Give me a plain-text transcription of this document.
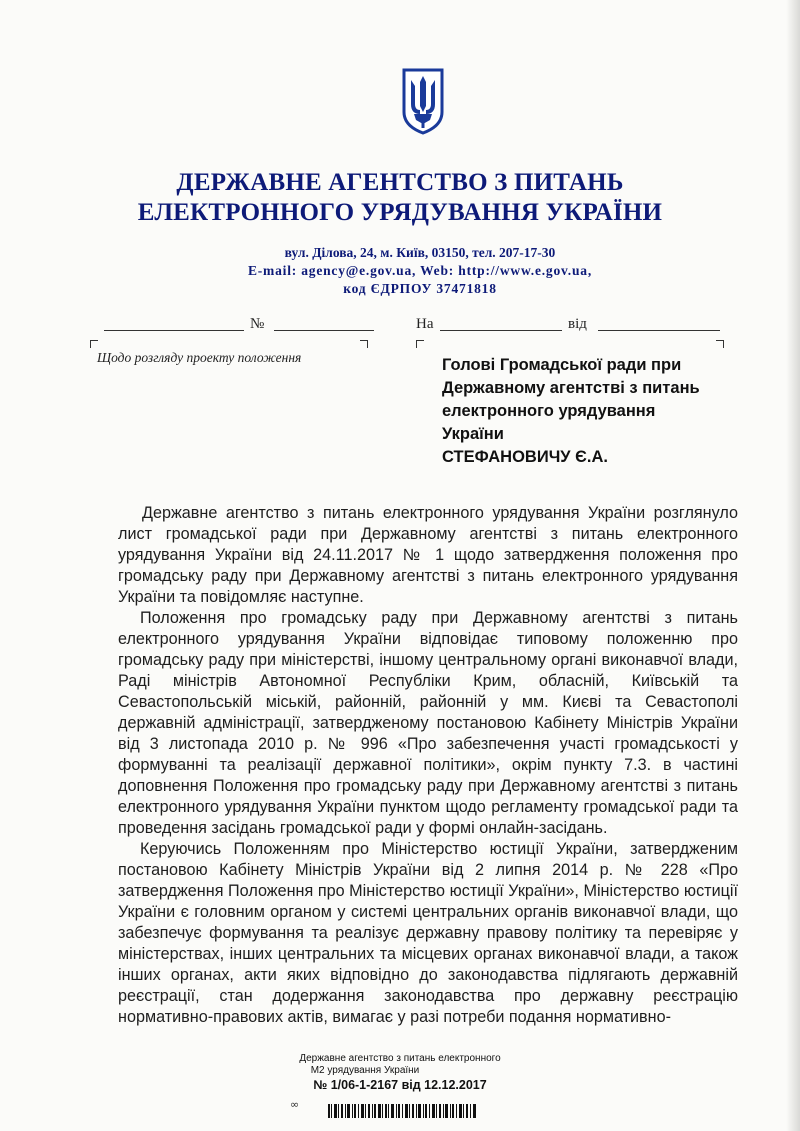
ДЕРЖАВНЕ АГЕНТСТВО З ПИТАНЬ
ЕЛЕКТРОННОГО УРЯДУВАННЯ УКРАЇНИ
вул. Ділова, 24, м. Київ, 03150, тел. 207-17-30
E-mail: agency@e.gov.ua, Web: http://www.e.gov.ua,
код ЄДРПОУ 37471818
№	На	від
Щодо розгляду проекту положення	Голові Громадської ради при
Державному агентстві з питань
електронного урядування
України
СТЕФАНОВИЧУ Є.А.

Державне агентство з питань електронного урядування України розглянуло лист громадської ради при Державному агентстві з питань електронного урядування України від 24.11.2017 № 1 щодо затвердження положення про громадську раду при Державному агентстві з питань електронного урядування України та повідомляє наступне.

Положення про громадську раду при Державному агентстві з питань електронного урядування України відповідає типовому положенню про громадську раду при міністерстві, іншому центральному органі виконавчої влади, Раді міністрів Автономної Республіки Крим, обласній, Київській та Севастопольській міській, районній, районній у мм. Києві та Севастополі державній адміністрації, затвердженому постановою Кабінету Міністрів України від 3 листопада 2010 р. № 996 «Про забезпечення участі громадськості у формуванні та реалізації державної політики», окрім пункту 7.3. в частині доповнення Положення про громадську раду при Державному агентстві з питань електронного урядування України пунктом щодо регламенту громадської ради та проведення засідань громадської ради у формі онлайн-засідань.

Керуючись Положенням про Міністерство юстиції України, затвердженим постановою Кабінету Міністрів України від 2 липня 2014 р. № 228 «Про затвердження Положення про Міністерство юстиції України», Міністерство юстиції України є головним органом у системі центральних органів виконавчої влади, що забезпечує формування та реалізує державну правову політику та перевіряє у міністерствах, інших центральних та місцевих органах виконавчої влади, а також інших органах, акти яких відповідно до законодавства підлягають державній реєстрації, стан додержання законодавства про державну реєстрацію нормативно-правових актів, вимагає у разі потреби подання нормативно-

Державне агентство з питань електронного
М2 урядування України
№ 1/06-1-2167 від 12.12.2017
∞
